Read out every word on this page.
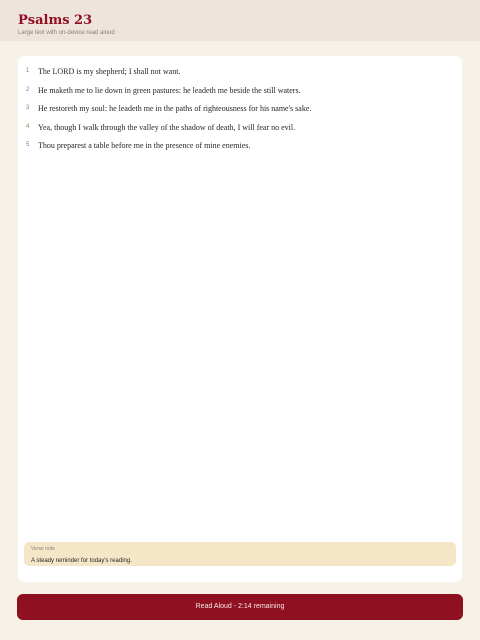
Psalms 23
Large text with on-device read aloud
1 The LORD is my shepherd; I shall not want.
2 He maketh me to lie down in green pastures: he leadeth me beside the still waters.
3 He restoreth my soul: he leadeth me in the paths of righteousness for his name's sake.
4 Yea, though I walk through the valley of the shadow of death, I will fear no evil.
5 Thou preparest a table before me in the presence of mine enemies.
Verse note
A steady reminder for today's reading.
Read Aloud - 2:14 remaining
